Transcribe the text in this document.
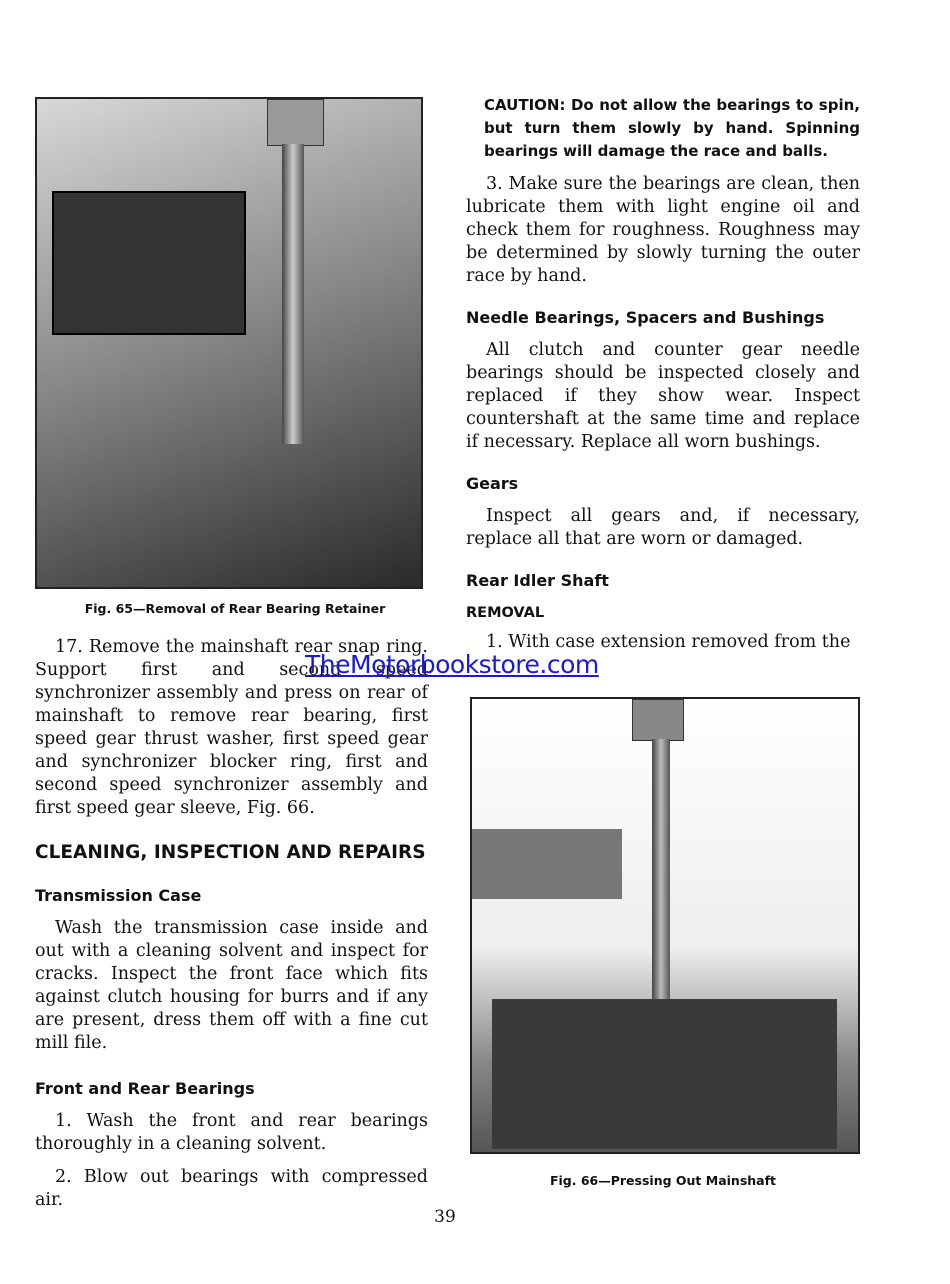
Fig. 65—Removal of Rear Bearing Retainer

17. Remove the mainshaft rear snap ring. Support first and second speed synchronizer assembly and press on rear of mainshaft to remove rear bearing, first speed gear thrust washer, first speed gear and synchronizer blocker ring, first and second speed synchronizer assembly and first speed gear sleeve, Fig. 66.

CLEANING, INSPECTION AND REPAIRS
Transmission Case

Wash the transmission case inside and out with a cleaning solvent and inspect for cracks. Inspect the front face which fits against clutch housing for burrs and if any are present, dress them off with a fine cut mill file.

Front and Rear Bearings

1. Wash the front and rear bearings thoroughly in a cleaning solvent.

2. Blow out bearings with compressed air.

CAUTION: Do not allow the bearings to spin, but turn them slowly by hand. Spinning bearings will damage the race and balls.

3. Make sure the bearings are clean, then lubricate them with light engine oil and check them for roughness. Roughness may be determined by slowly turning the outer race by hand.

Needle Bearings, Spacers and Bushings

All clutch and counter gear needle bearings should be inspected closely and replaced if they show wear. Inspect countershaft at the same time and replace if necessary. Replace all worn bushings.

Gears

Inspect all gears and, if necessary, replace all that are worn or damaged.

Rear Idler Shaft
REMOVAL

1. With case extension removed from the

Fig. 66—Pressing Out Mainshaft
TheMotorbookstore.com
39
